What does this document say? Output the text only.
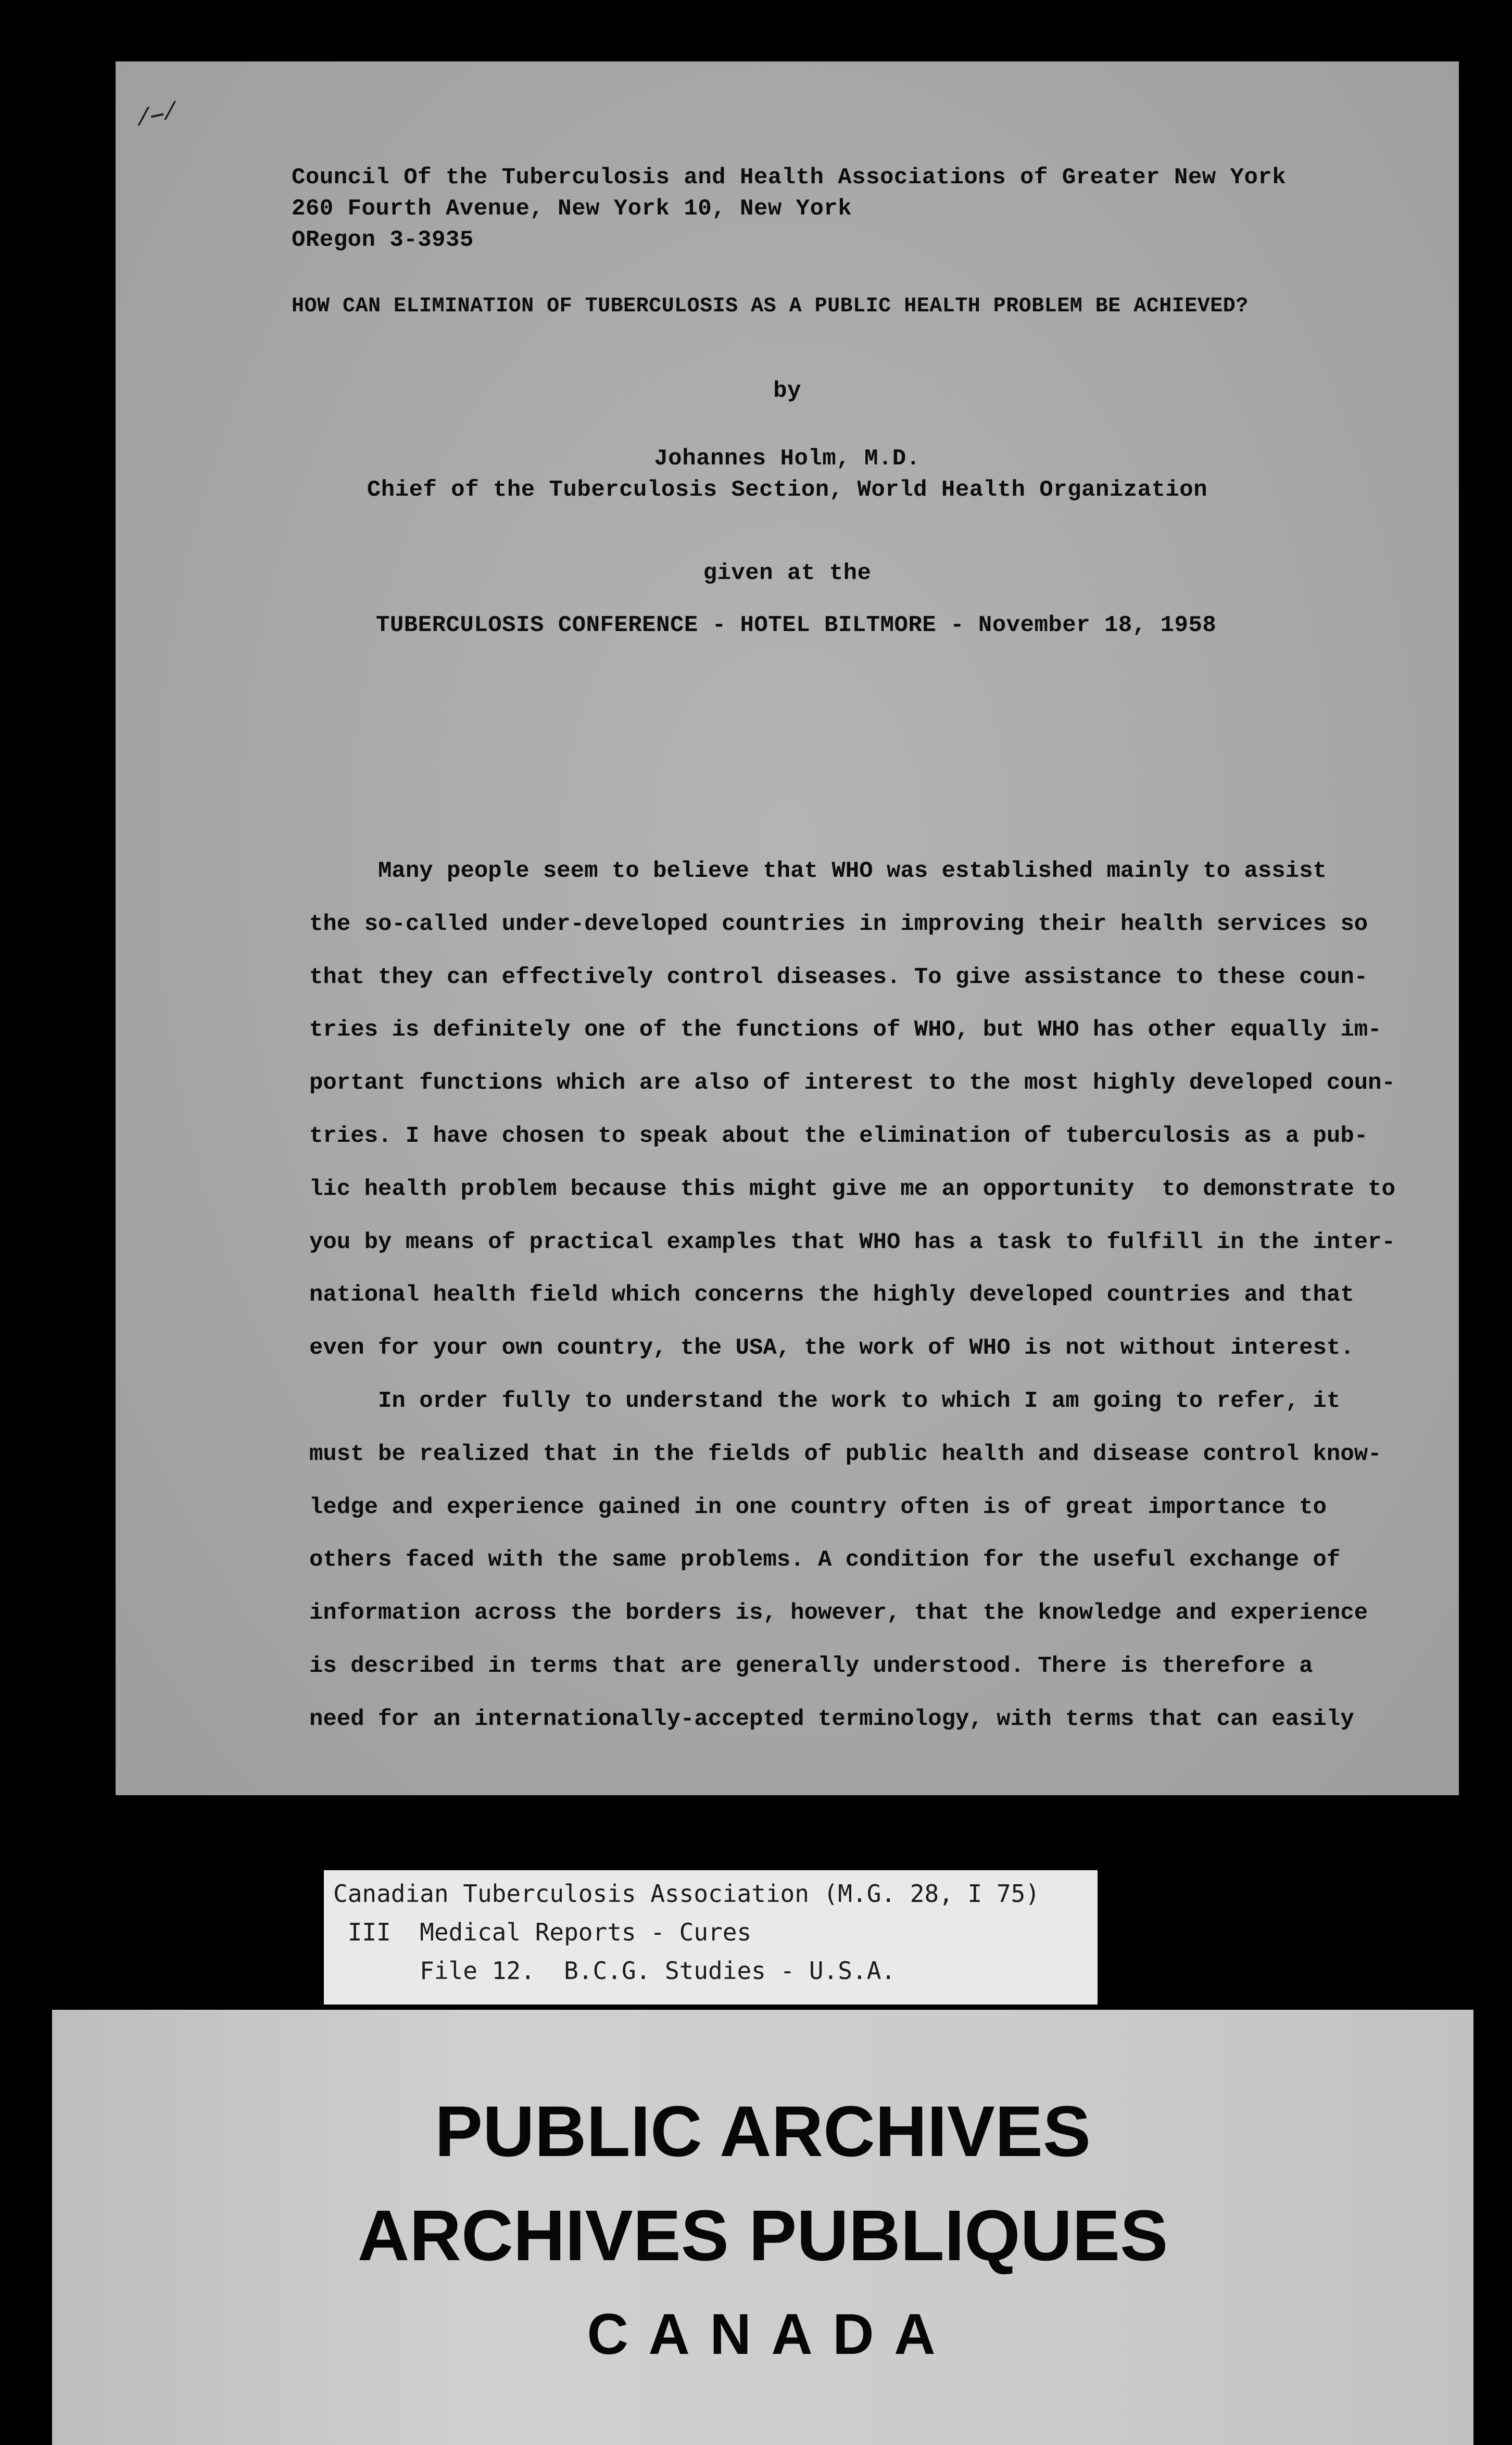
⟋—⟋
Council Of the Tuberculosis and Health Associations of Greater New York
260 Fourth Avenue, New York 10, New York
ORegon 3-3935
HOW CAN ELIMINATION OF TUBERCULOSIS AS A PUBLIC HEALTH PROBLEM BE ACHIEVED?
by
Johannes Holm, M.D.
Chief of the Tuberculosis Section, World Health Organization
given at the
TUBERCULOSIS CONFERENCE - HOTEL BILTMORE - November 18, 1958
Many people seem to believe that WHO was established mainly to assist
the so-called under-developed countries in improving their health services so
that they can effectively control diseases. To give assistance to these coun-
tries is definitely one of the functions of WHO, but WHO has other equally im-
portant functions which are also of interest to the most highly developed coun-
tries. I have chosen to speak about the elimination of tuberculosis as a pub-
lic health problem because this might give me an opportunity  to demonstrate to
you by means of practical examples that WHO has a task to fulfill in the inter-
national health field which concerns the highly developed countries and that
even for your own country, the USA, the work of WHO is not without interest.
In order fully to understand the work to which I am going to refer, it
must be realized that in the fields of public health and disease control know-
ledge and experience gained in one country often is of great importance to
others faced with the same problems. A condition for the useful exchange of
information across the borders is, however, that the knowledge and experience
is described in terms that are generally understood. There is therefore a
need for an internationally-accepted terminology, with terms that can easily
Canadian Tuberculosis Association (M.G. 28, I 75)
III  Medical Reports - Cures
File 12.  B.C.G. Studies - U.S.A.
PUBLIC ARCHIVES
ARCHIVES PUBLIQUES
C A N A D A
